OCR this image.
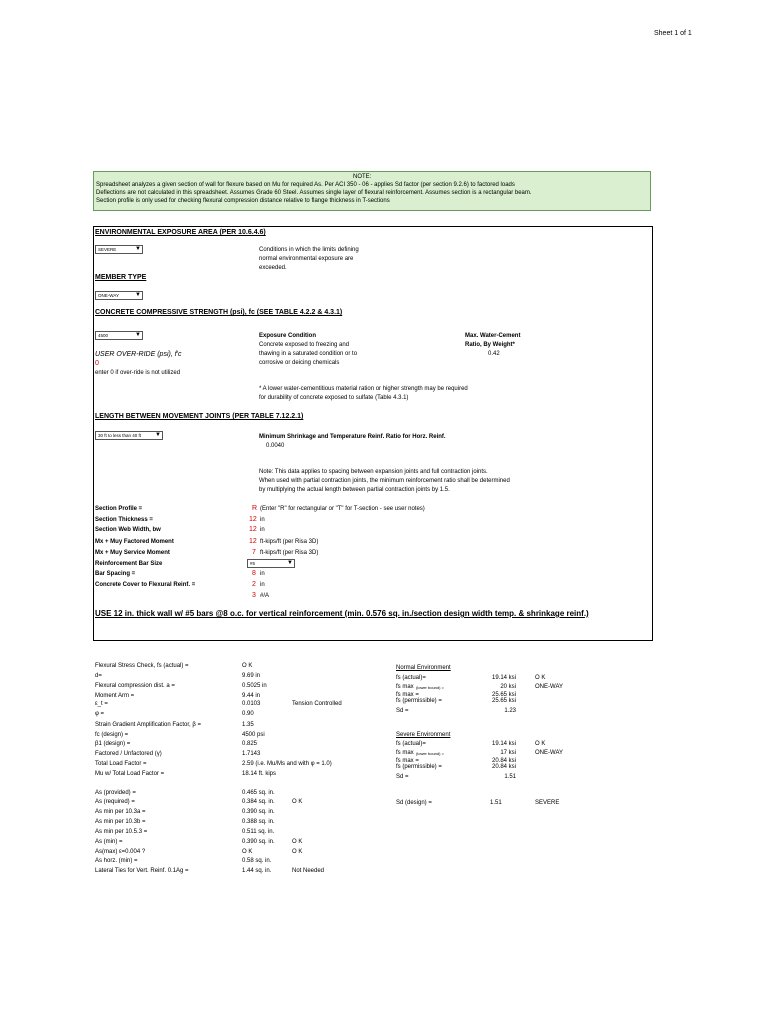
Sheet 1 of 1
NOTE:
Spreadsheet analyzes a given section of wall for flexure based on Mu for required As. Per ACI 350 - 06 - applies Sd factor (per section 9.2.6) to factored loads
Deflections are not calculated in this spreadsheet. Assumes Grade 60 Steel. Assumes single layer of flexural reinforcement. Assumes section is a rectangular beam.
Section profile is only used for checking flexural compression distance relative to flange thickness in T-sections
ENVIRONMENTAL EXPOSURE AREA (PER 10.6.4.6)
SEVERE	▼	Conditions in which the limits defining
normal environmental exposure are
exceeded.
MEMBER TYPE
ONE-WAY	▼
CONCRETE COMPRESSIVE STRENGTH (psi), fc (SEE TABLE 4.2.2 & 4.3.1)
4500	▼
USER OVER-RIDE (psi), f'c
0
enter 0 if over-ride is not utilized
Exposure Condition
Concrete exposed to freezing and
thawing in a saturated condition or to
corrosive or deicing chemicals
Max. Water-Cement
Ratio, By Weight*
0.42
* A lower water-cementitious material ration or higher strength may be required
for durability of concrete exposed to sulfate (Table 4.3.1)
LENGTH BETWEEN MOVEMENT JOINTS (PER TABLE 7.12.2.1)
30 ft to less than 40 ft ▼	Minimum Shrinkage and Temperature Reinf. Ratio for Horz. Reinf.
0.0040
Note: This data applies to spacing between expansion joints and full contraction joints.
When used with partial contraction joints, the minimum reinforcement ratio shall be determined
by multiplying the actual length between partial contraction joints by 1.5.
Section Profile =	R (Enter "R" for rectangular or "T" for T-section - see user notes)
Section Thickness =	12 in
Section Web Width, bw	12 in
Mx + Muy Factored Moment	12 ft-kips/ft (per Risa 3D)
Mx + Muy Service Moment	7 ft-kips/ft (per Risa 3D)
Reinforcement Bar Size	#5	▼
Bar Spacing =	8 in
Concrete Cover to Flexural Reinf. =	2 in
3 #/A
USE 12 in. thick wall w/ #5 bars @8 o.c. for vertical reinforcement (min. 0.576 sq. in./section design width temp. & shrinkage reinf.)
Flexural Stress Check, fs (actual) =	O K
d=	9.69 in
Flexural compression dist. a =	0.5025 in
Moment Arm =	9.44 in
ε_t =	0.0103	Tension Controlled
φ =	0.90
Strain Gradient Amplification Factor, β =	1.35
fc (design) =	4500 psi
β1 (design) =	0.825
Factored / Unfactored (γ)	1.7143
Total Load Factor =	2.59 (i.e. Mu/Ms and with φ = 1.0)
Mu w/ Total Load Factor =	18.14 ft. kips
As (provided) =	0.465 sq. in.
As (required) =	0.384 sq. in.	O K
As min per 10.3a =	0.390 sq. in.
As min per 10.3b =	0.388 sq. in.
As min per 10.5.3 =	0.511 sq. in.
As (min) =	0.390 sq. in.	O K
As(max) ε=0.004 ?	O K	O K
As horz. (min) =	0.58 sq. in.
Lateral Ties for Vert. Reinf. 0.1Ag =	1.44 sq. in.	Not Needed
Normal Environment
fs (actual)=	19.14 ksi	O K
fs max (lower bound) =	20 ksi	ONE-WAY
fs max =	25.65 ksi
fs (permissible) =	25.65 ksi
Sd =	1.23
Severe Environment
fs (actual)=	19.14 ksi	O K
fs max (lower bound) =	17 ksi	ONE-WAY
fs max =	20.84 ksi
fs (permissible) =	20.84 ksi
Sd =	1.51
Sd (design) =	1.51	SEVERE
